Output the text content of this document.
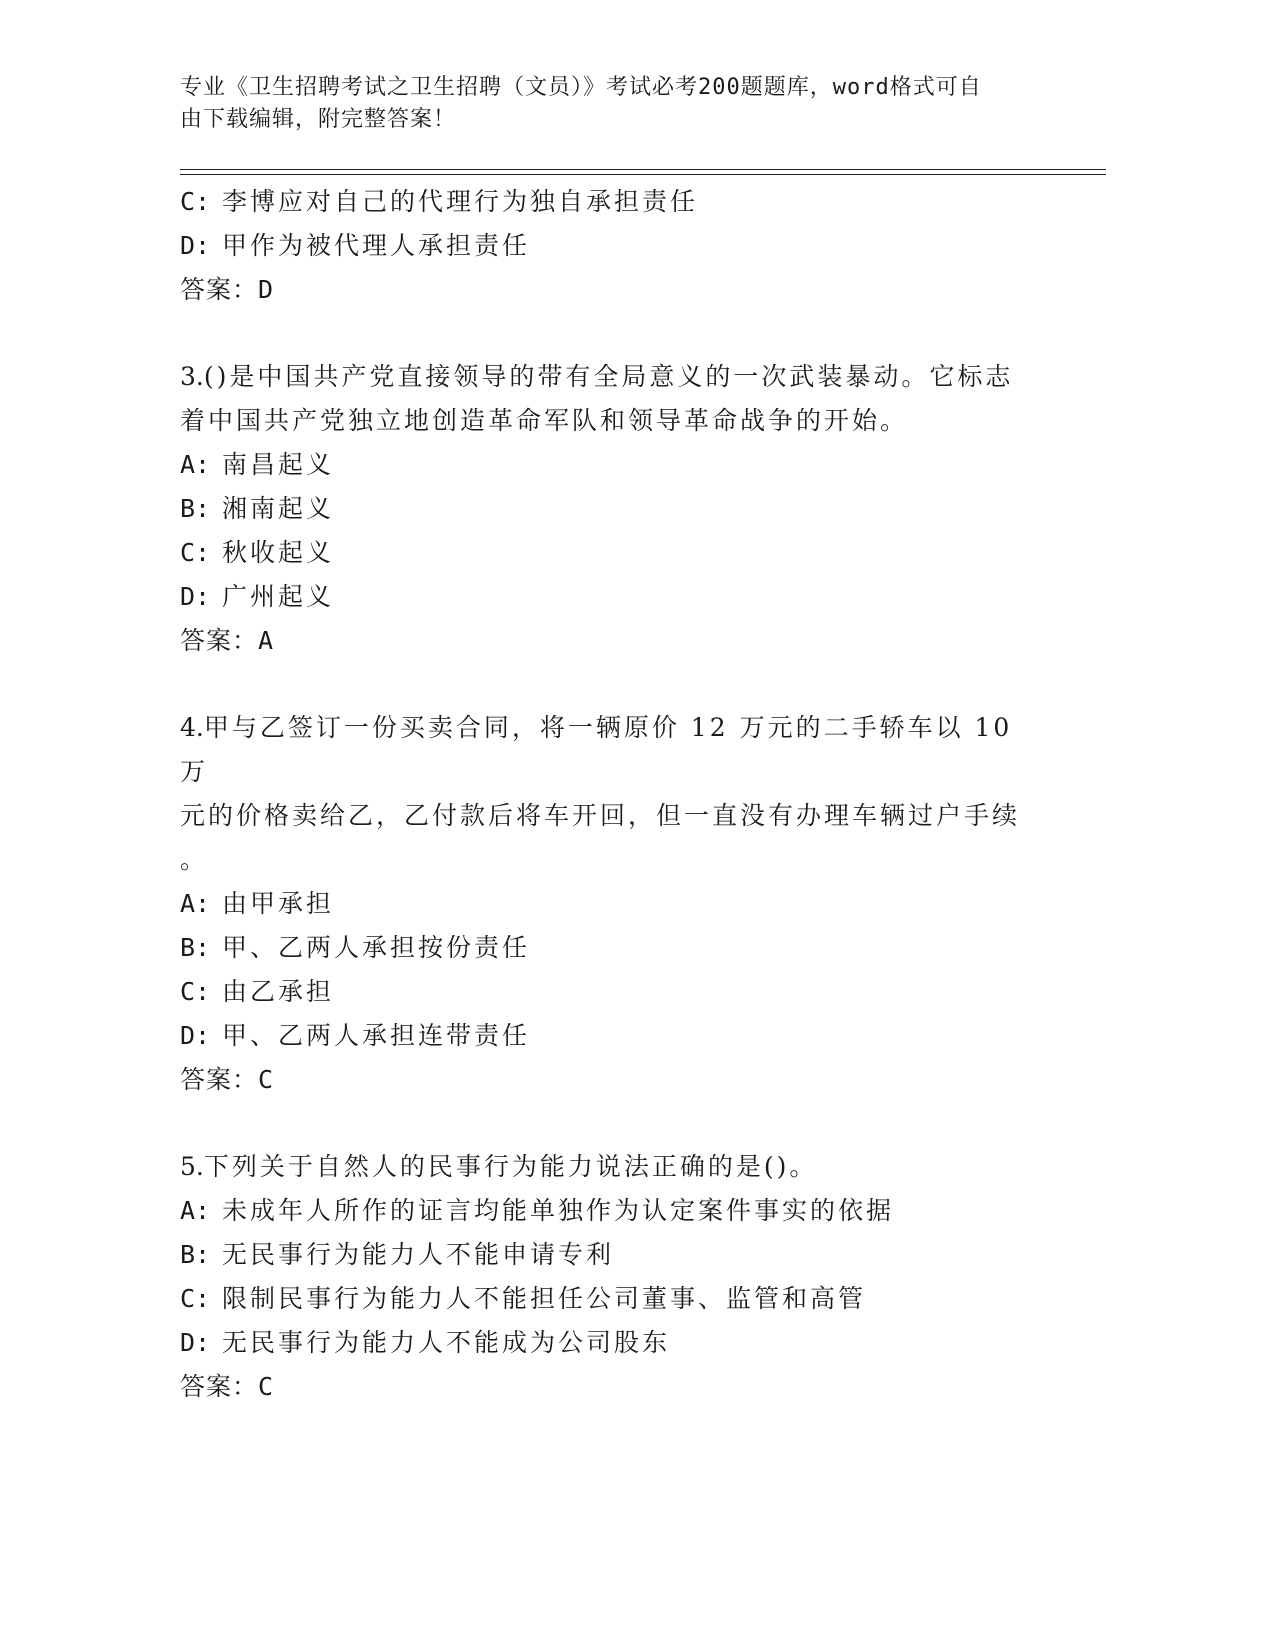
专业《卫生招聘考试之卫生招聘（文员）》考试必考200题题库，word格式可自
由下载编辑，附完整答案！
C: 李博应对自己的代理行为独自承担责任
D: 甲作为被代理人承担责任
答案：D
3.()是中国共产党直接领导的带有全局意义的一次武装暴动。它标志
着中国共产党独立地创造革命军队和领导革命战争的开始。
A: 南昌起义
B: 湘南起义
C: 秋收起义
D: 广州起义
答案：A
4.甲与乙签订一份买卖合同，将一辆原价 12 万元的二手轿车以 10 万
元的价格卖给乙，乙付款后将车开回，但一直没有办理车辆过户手续
。
A: 由甲承担
B: 甲、乙两人承担按份责任
C: 由乙承担
D: 甲、乙两人承担连带责任
答案：C
5.下列关于自然人的民事行为能力说法正确的是()。
A: 未成年人所作的证言均能单独作为认定案件事实的依据
B: 无民事行为能力人不能申请专利
C: 限制民事行为能力人不能担任公司董事、监管和高管
D: 无民事行为能力人不能成为公司股东
答案：C
